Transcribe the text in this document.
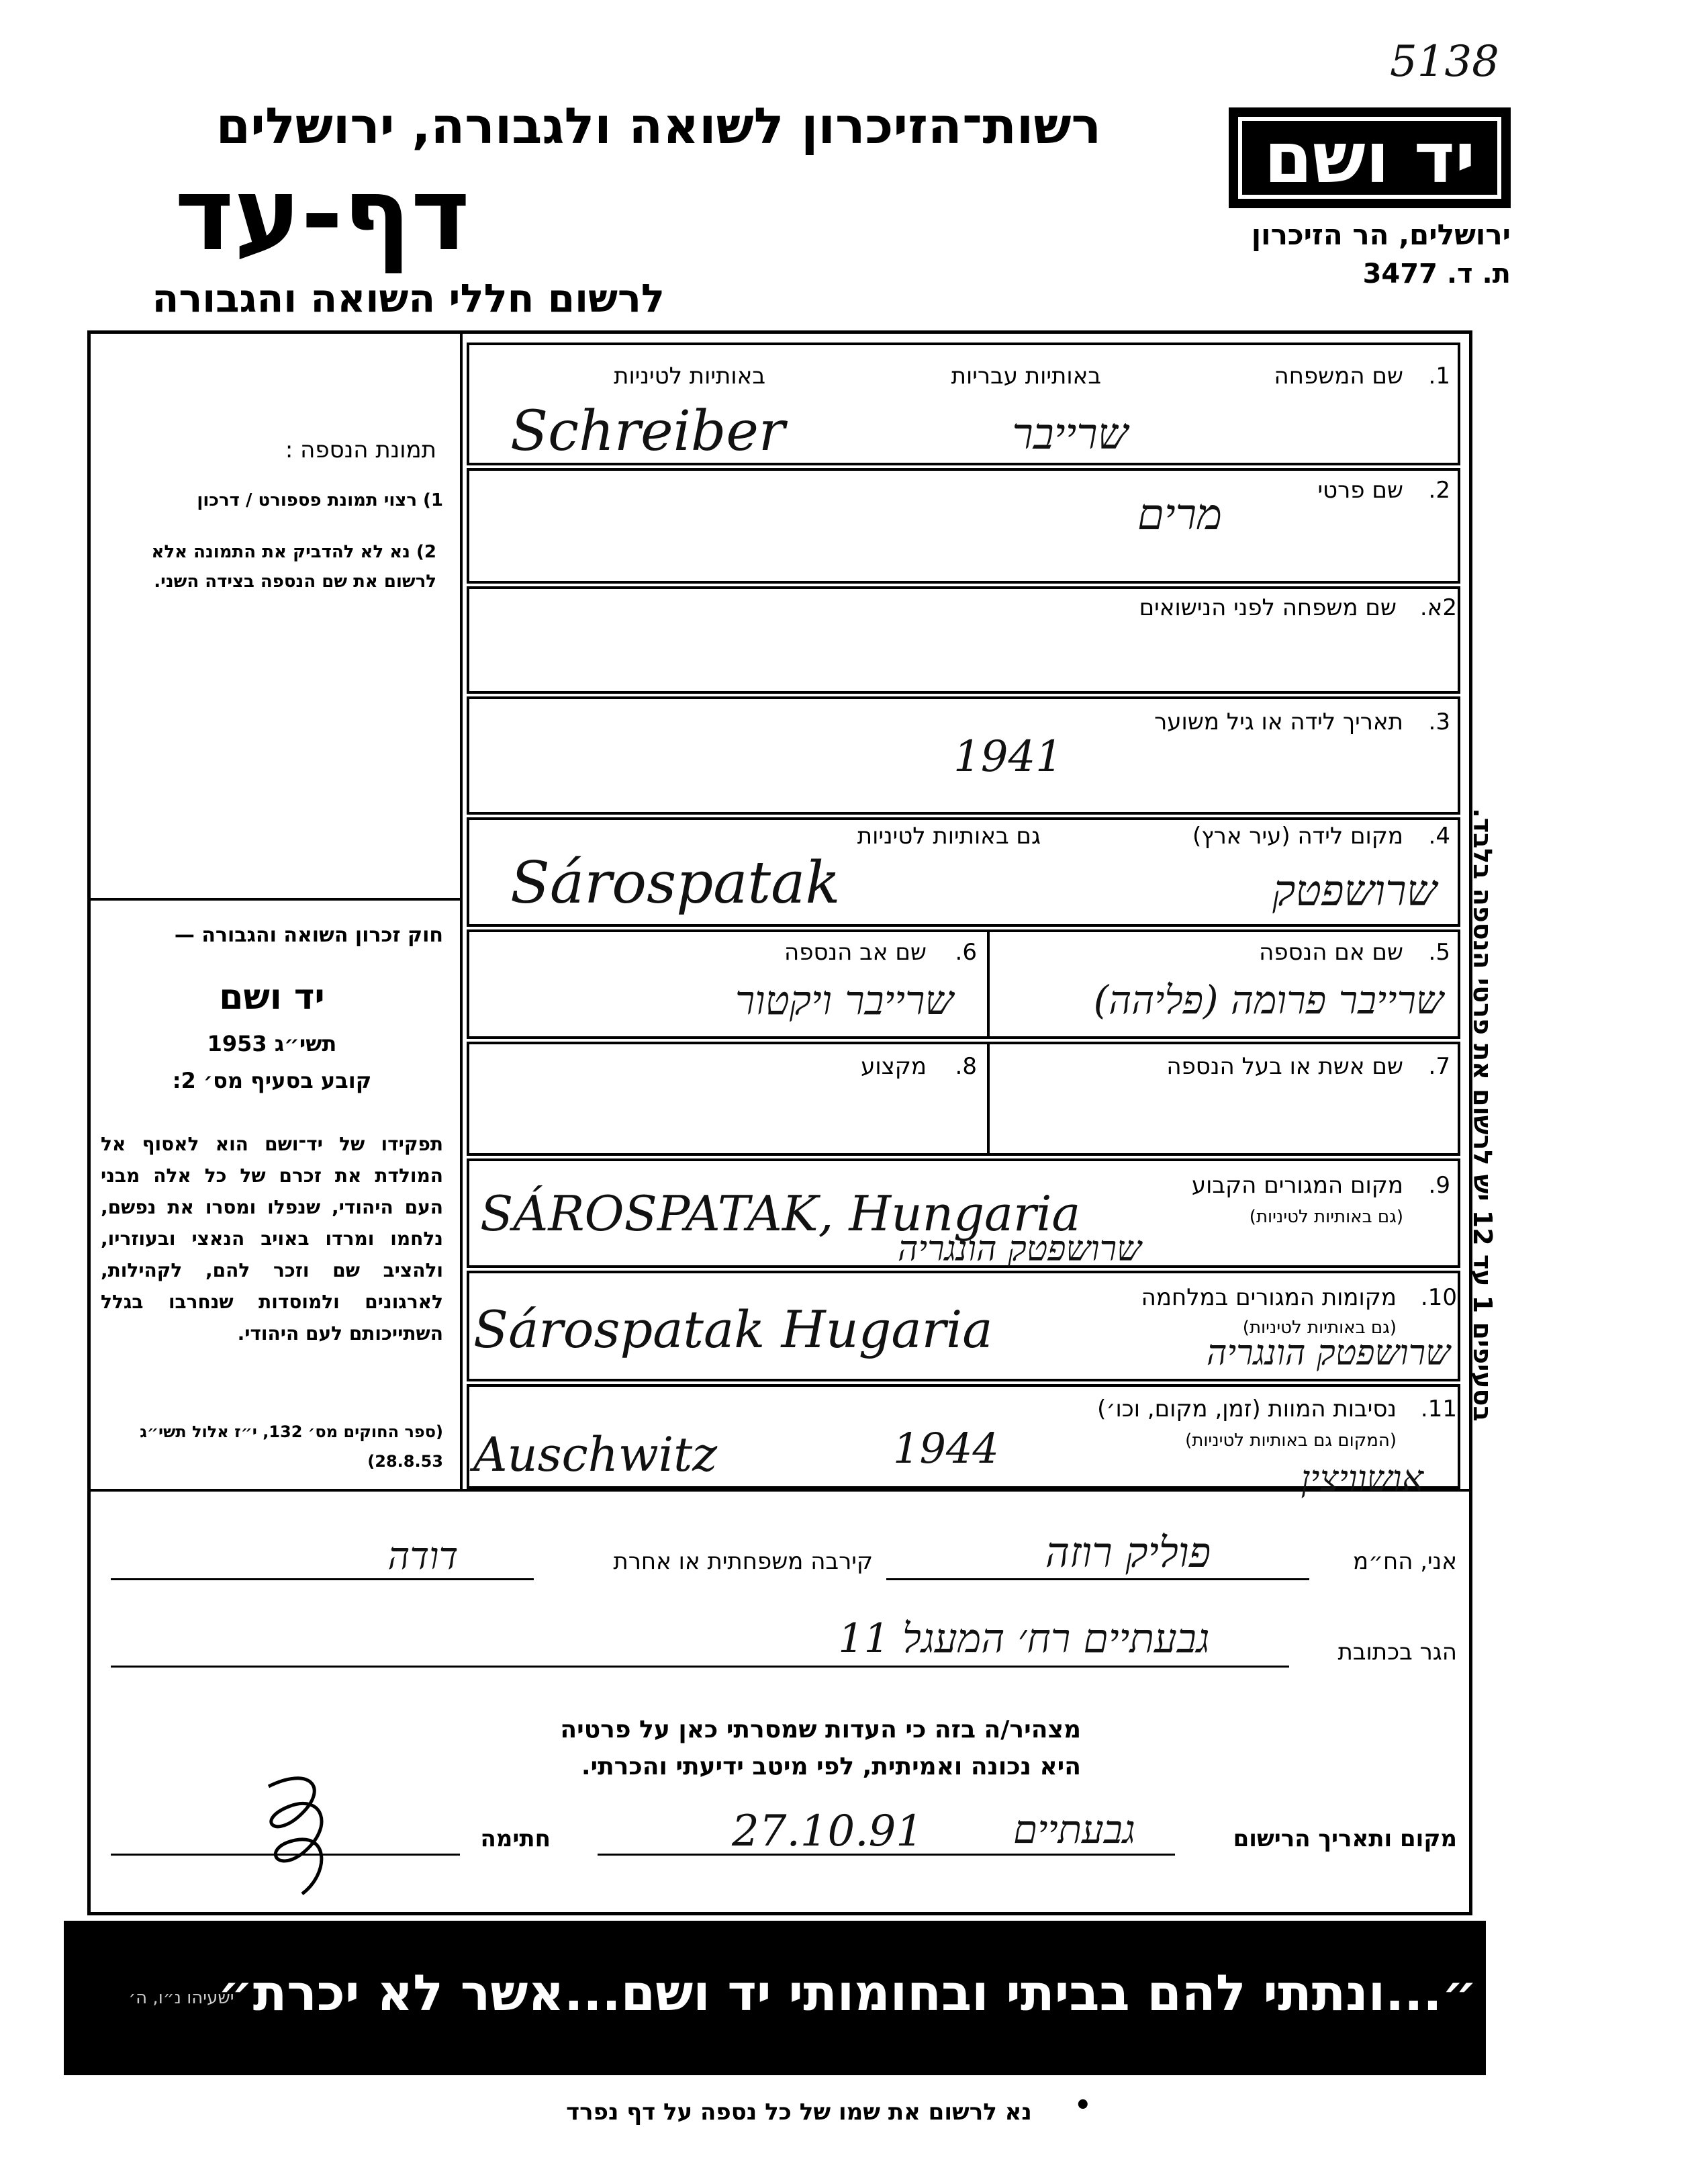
5138
רשות־הזיכרון לשואה ולגבורה, ירושלים
דף-עד
לרשום חללי השואה והגבורה
יד ושם
ירושלים, הר הזיכרון
ת. ד. 3477
1.
שם המשפחה
באותיות עבריות
באותיות לטיניות
Schreiber	שרייבר
2.
שם פרטי
מרים
2א.
שם משפחה לפני הנישואים
3.
תאריך לידה או גיל משוער
1941
4.
מקום לידה (עיר ארץ)
גם באותיות לטיניות
Sárospatak	שרושפטק
5.
שם אם הנספה
שרייבר פרומה (פליהה)
6.
שם אב הנספה
שרייבר ויקטור
7.
שם אשת או בעל הנספה
8.
מקצוע
9.
מקום המגורים הקבוע
(גם באותיות לטיניות)
SÁROSPATAK, Hungaria
שרושפטק הונגריה
10.
מקומות המגורים במלחמה
(גם באותיות לטיניות)
Sárospatak Hugaria	שרושפטק הונגריה
11.
נסיבות המוות (זמן, מקום, וכו׳)
(המקום גם באותיות לטיניות)
Auschwitz	1944
אושוויצין
תמונת הנספה :
1) רצוי תמונת פספורט / דרכון
2) נא לא להדביק את התמונה אלא לרשום את שם הנספה בצידה השני.
חוק זכרון השואה והגבורה —
יד ושם
תשי״ג 1953
קובע בסעיף מס׳ 2:
תפקידו של יד־ושם הוא לאסוף אל המולדת את זכרם של כל אלה מבני העם היהודי, שנפלו ומסרו את נפשם, נלחמו ומרדו באויב הנאצי ובעוזריו, ולהציב שם וזכר להם, לקהילות, לארגונים ולמוסדות שנחרבו בגלל השתייכותם לעם היהודי.
(ספר החוקים מס׳ 132, י״ז אלול תשי״ג 28.8.53)
בסעיפים 1 עד 12 יש לרשום את פרטי הנספה בלבד.
אני, הח״מ
פוליק רוזה
קירבה משפחתית או אחרת
דודה
הגר בכתובת
גבעתיים רח׳ המעגל 11
מצהיר/ה בזה כי העדות שמסרתי כאן על פרטיה
היא נכונה ואמיתית, לפי מיטב ידיעתי והכרתי.
מקום ותאריך הרישום
גבעתיים
27.10.91
חתימה
״...ונתתי להם בביתי ובחומותי יד ושם...אשר לא יכרת״
ישעיהו נ״ו, ה׳
נא לרשום את שמו של כל נספה על דף נפרד	•
